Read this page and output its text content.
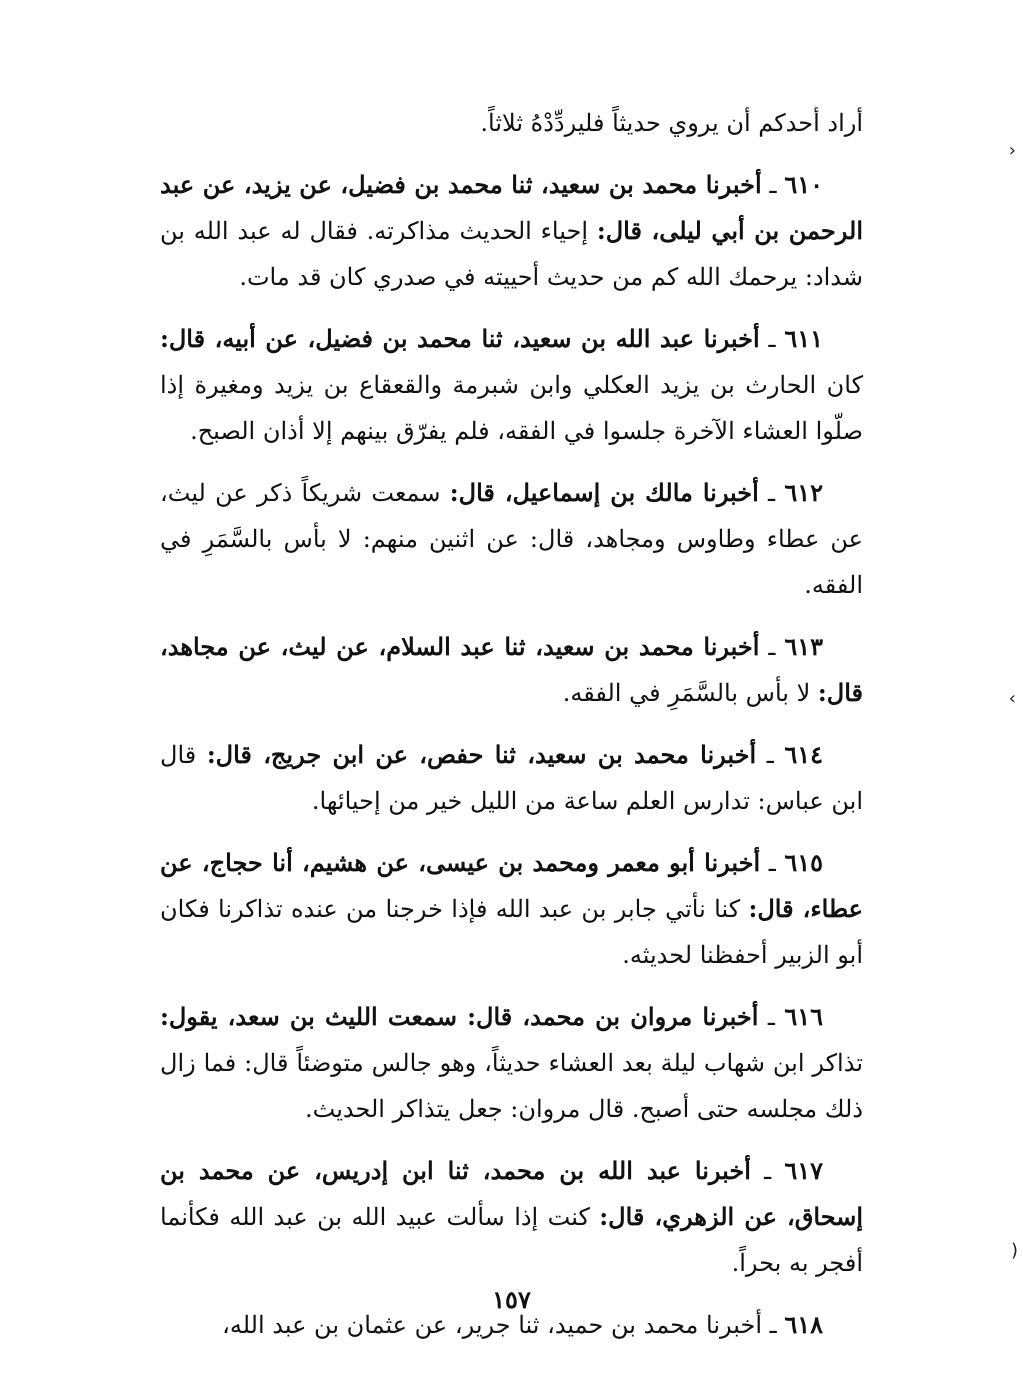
أراد أحدكم أن يروي حديثاً فليردِّدْهُ ثلاثاً.

٦١٠ ـ أخبرنا محمد بن سعيد، ثنا محمد بن فضيل، عن يزيد، عن عبد الرحمن بن أبي ليلى، قال: إحياء الحديث مذاكرته. فقال له عبد الله بن شداد: يرحمك الله كم من حديث أحييته في صدري كان قد مات.

٦١١ ـ أخبرنا عبد الله بن سعيد، ثنا محمد بن فضيل، عن أبيه، قال: كان الحارث بن يزيد العكلي وابن شبرمة والقعقاع بن يزيد ومغيرة إذا صلّوا العشاء الآخرة جلسوا في الفقه، فلم يفرّق بينهم إلا أذان الصبح.

٦١٢ ـ أخبرنا مالك بن إسماعيل، قال: سمعت شريكاً ذكر عن ليث، عن عطاء وطاوس ومجاهد، قال: عن اثنين منهم: لا بأس بالسَّمَرِ في الفقه.

٦١٣ ـ أخبرنا محمد بن سعيد، ثنا عبد السلام، عن ليث، عن مجاهد، قال: لا بأس بالسَّمَرِ في الفقه.

٦١٤ ـ أخبرنا محمد بن سعيد، ثنا حفص، عن ابن جريج، قال: قال ابن عباس: تدارس العلم ساعة من الليل خير من إحيائها.

٦١٥ ـ أخبرنا أبو معمر ومحمد بن عيسى، عن هشيم، أنا حجاج، عن عطاء، قال: كنا نأتي جابر بن عبد الله فإذا خرجنا من عنده تذاكرنا فكان أبو الزبير أحفظنا لحديثه.

٦١٦ ـ أخبرنا مروان بن محمد، قال: سمعت الليث بن سعد، يقول: تذاكر ابن شهاب ليلة بعد العشاء حديثاً، وهو جالس متوضئاً قال: فما زال ذلك مجلسه حتى أصبح. قال مروان: جعل يتذاكر الحديث.

٦١٧ ـ أخبرنا عبد الله بن محمد، ثنا ابن إدريس، عن محمد بن إسحاق، عن الزهري، قال: كنت إذا سألت عبيد الله بن عبد الله فكأنما أفجر به بحراً.

٦١٨ ـ أخبرنا محمد بن حميد، ثنا جرير، عن عثمان بن عبد الله،

١٥٧
‹
›
(
